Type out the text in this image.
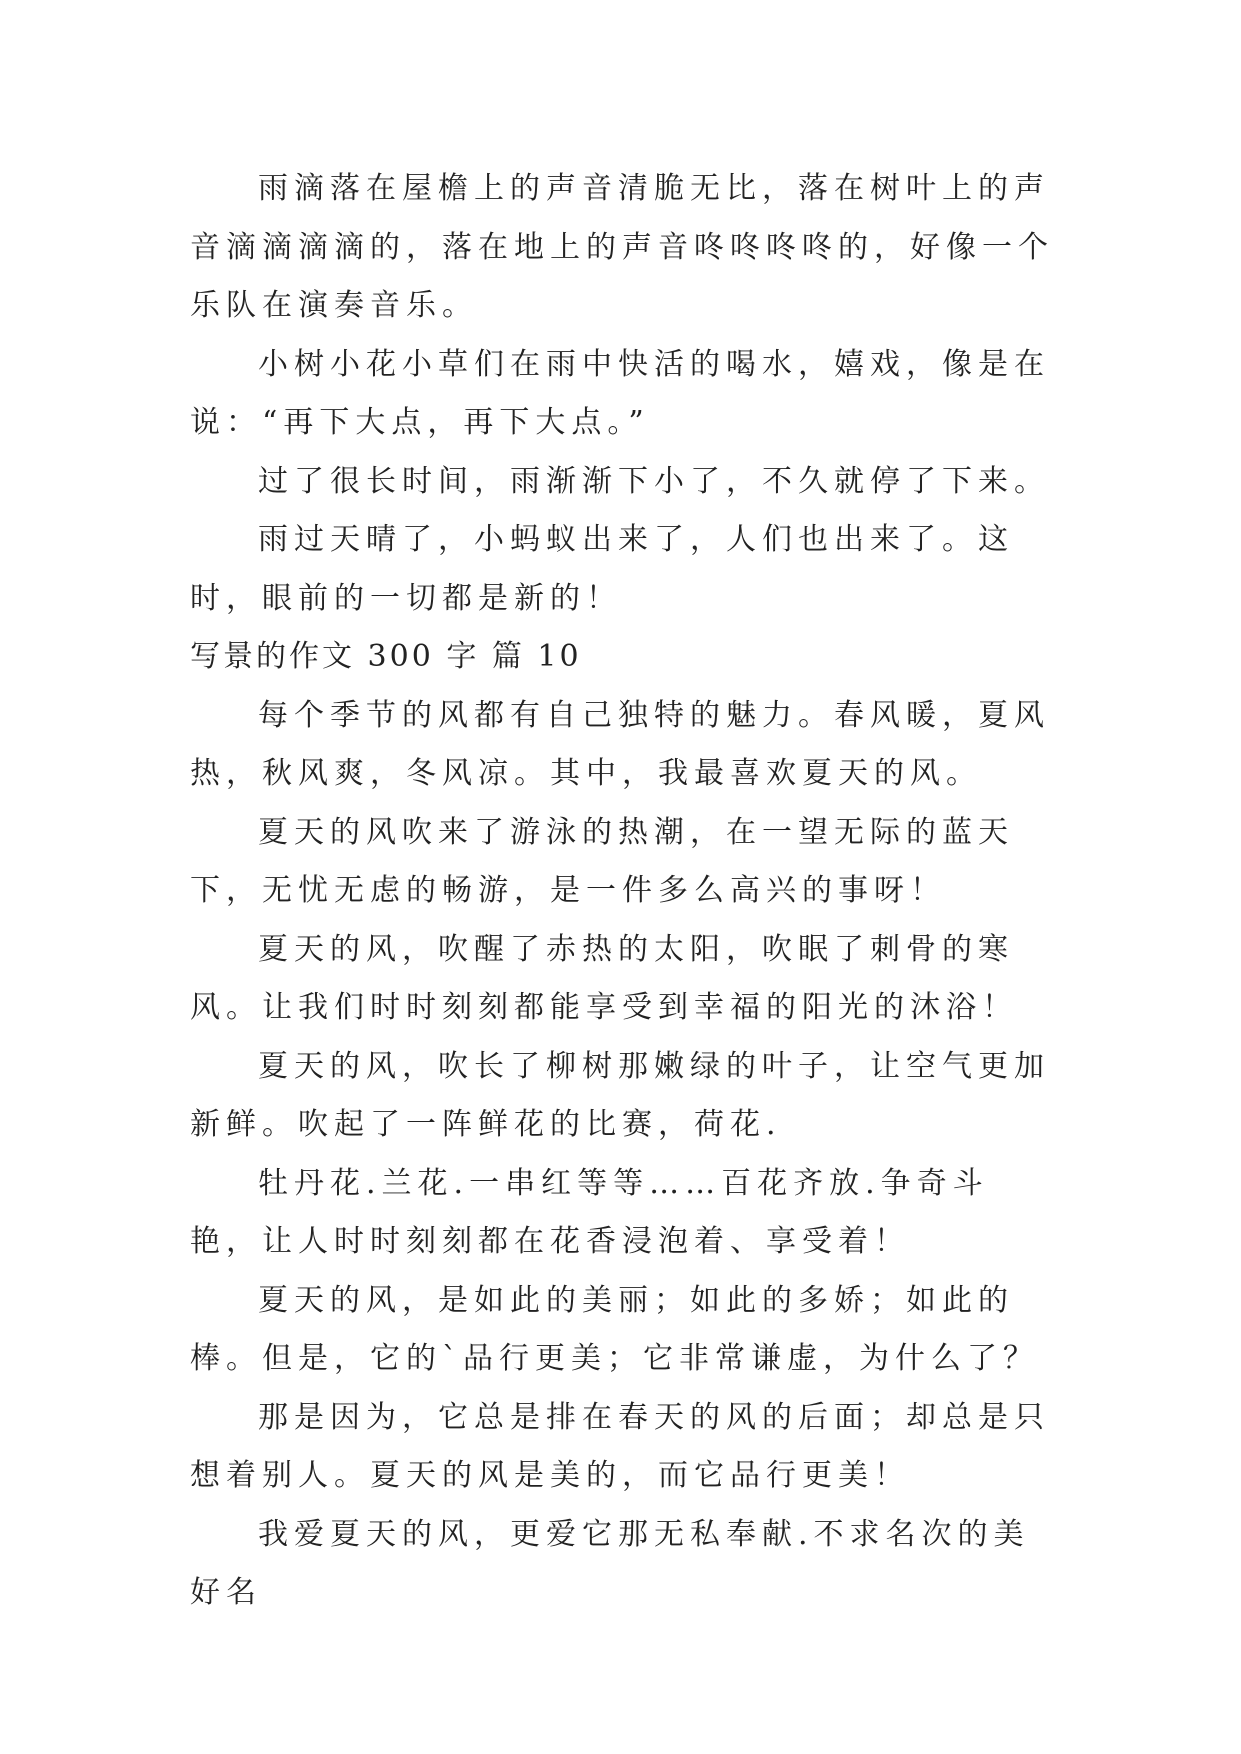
雨滴落在屋檐上的声音清脆无比，落在树叶上的声音滴滴滴滴的，落在地上的声音咚咚咚咚的，好像一个乐队在演奏音乐。

小树小花小草们在雨中快活的喝水，嬉戏，像是在说：“再下大点，再下大点。”

过了很长时间，雨渐渐下小了，不久就停了下来。

雨过天晴了，小蚂蚁出来了，人们也出来了。这时，眼前的一切都是新的！

写景的作文 300 字 篇 10

每个季节的风都有自己独特的魅力。春风暖，夏风热，秋风爽，冬风凉。其中，我最喜欢夏天的风。

夏天的风吹来了游泳的热潮，在一望无际的蓝天下，无忧无虑的畅游，是一件多么高兴的事呀！

夏天的风，吹醒了赤热的太阳，吹眠了刺骨的寒风。让我们时时刻刻都能享受到幸福的阳光的沐浴！

夏天的风，吹长了柳树那嫩绿的叶子，让空气更加新鲜。吹起了一阵鲜花的比赛，荷花.

牡丹花.兰花.一串红等等……百花齐放.争奇斗艳，让人时时刻刻都在花香浸泡着、享受着！

夏天的风，是如此的美丽；如此的多娇；如此的棒。但是，它的`品行更美；它非常谦虚，为什么了？

那是因为，它总是排在春天的风的后面；却总是只想着别人。夏天的风是美的，而它品行更美！

我爱夏天的风，更爱它那无私奉献.不求名次的美好名
